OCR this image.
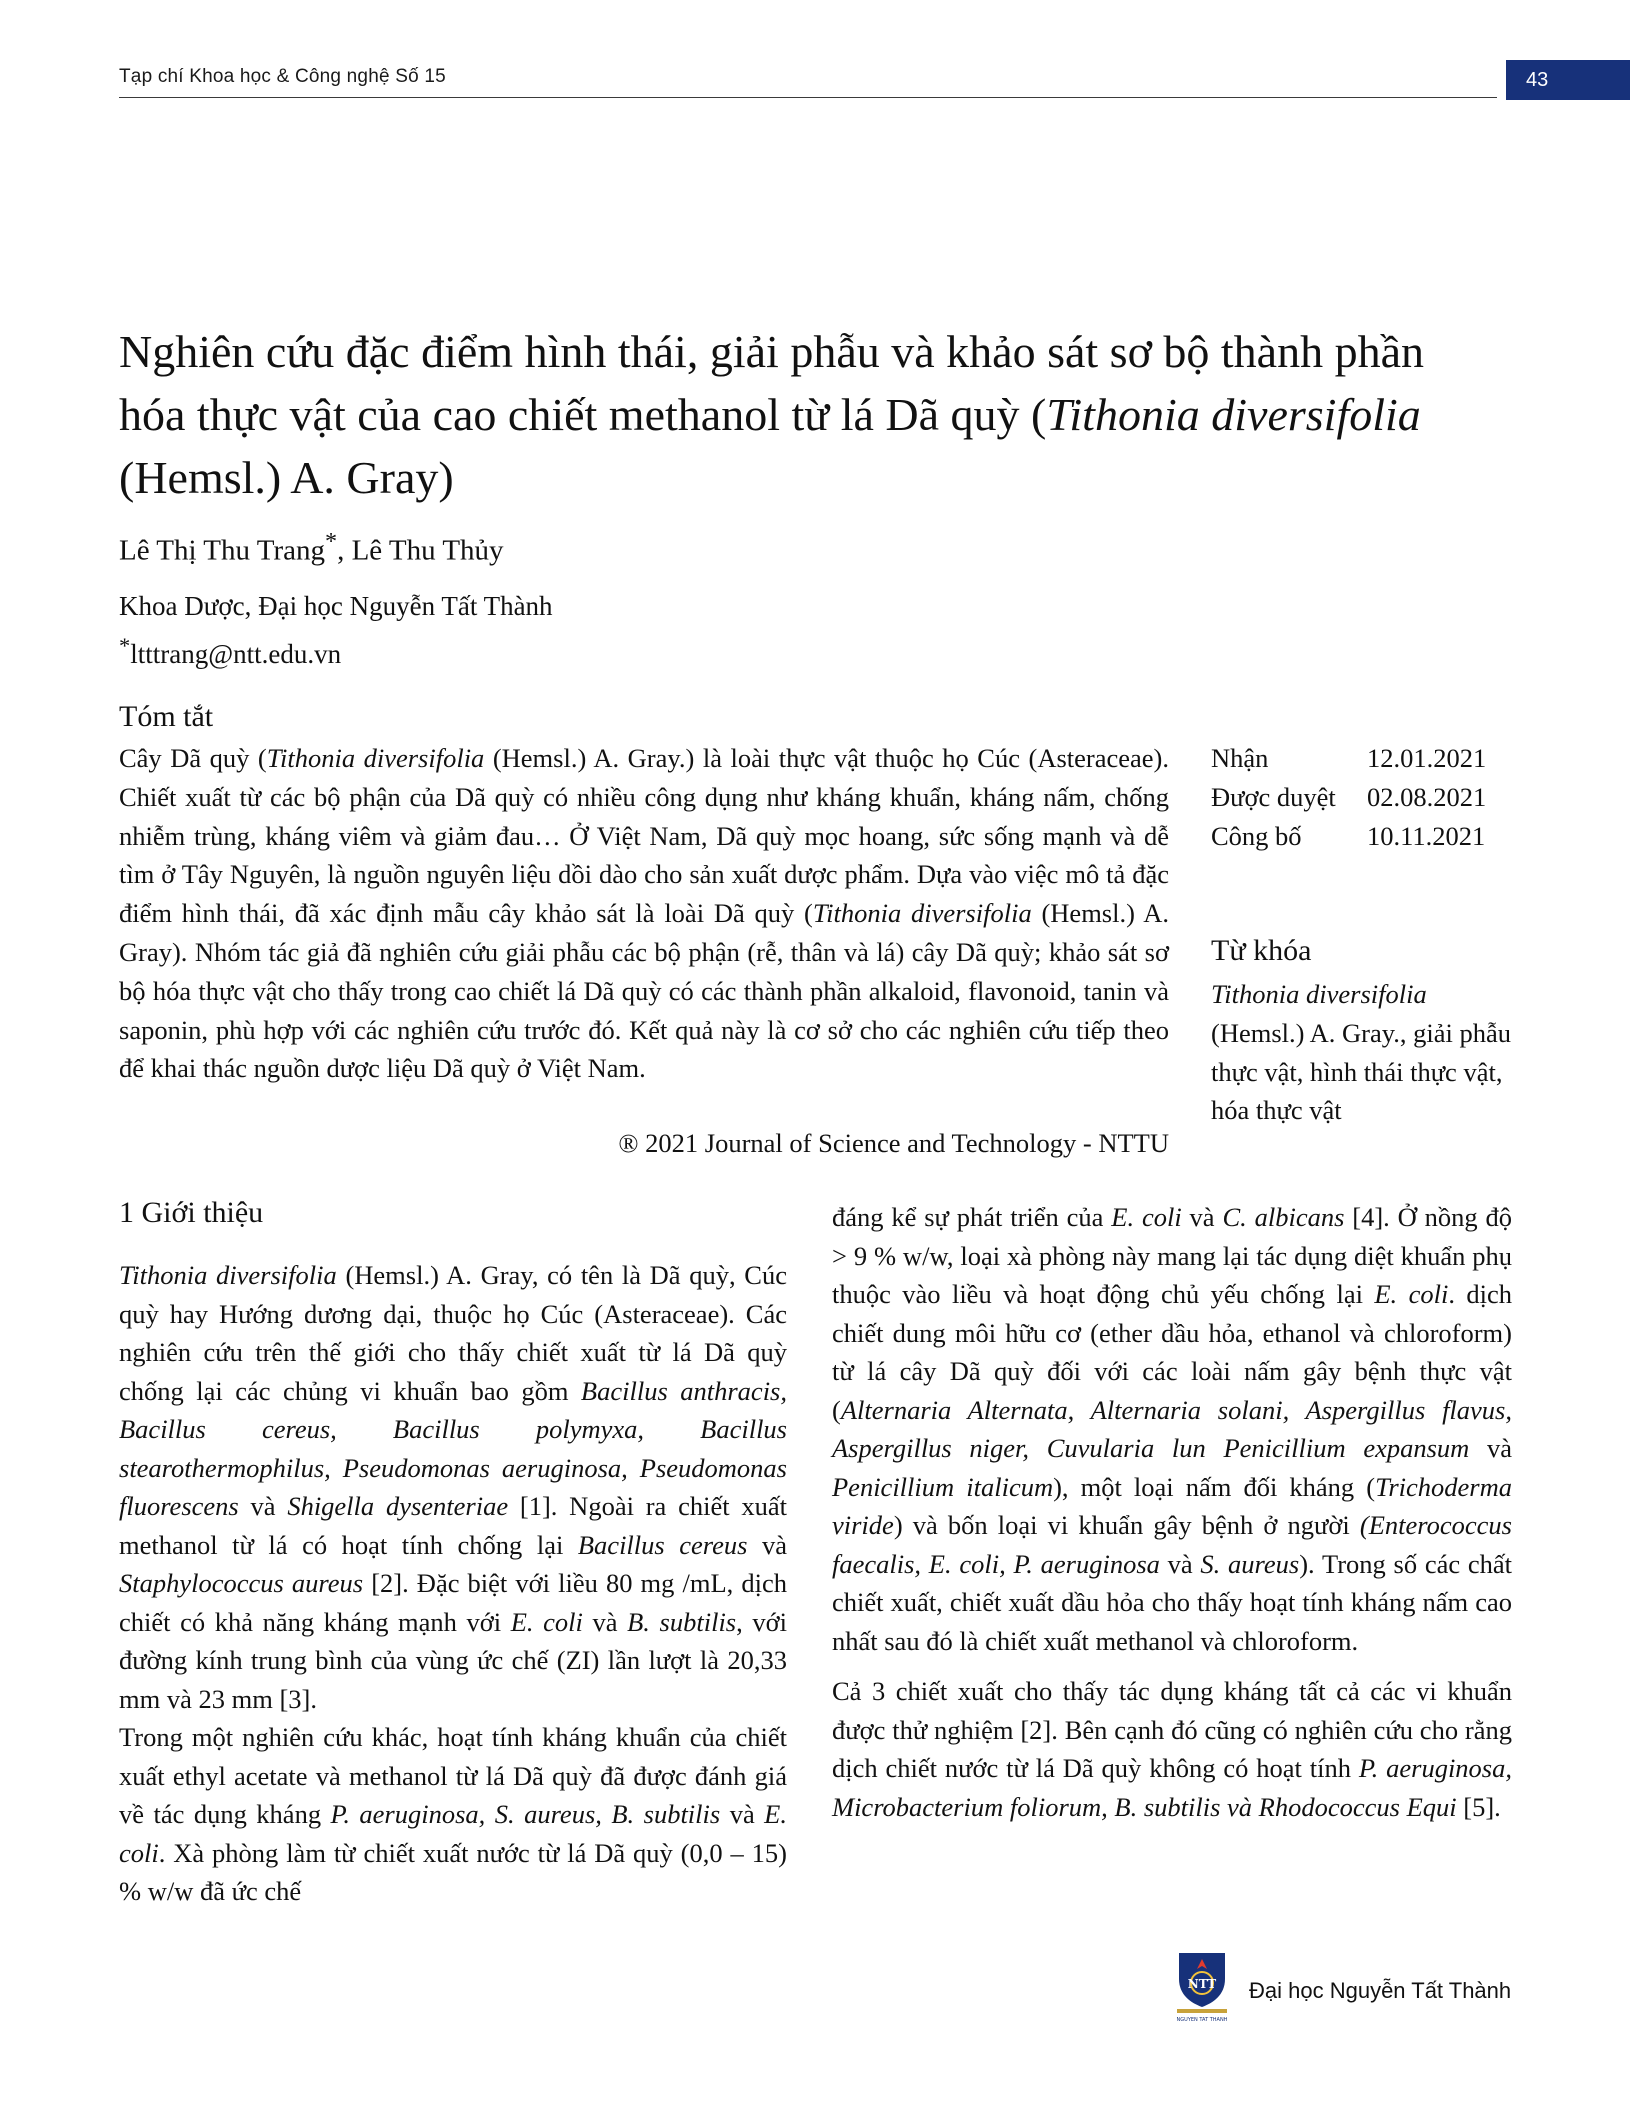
Tạp chí Khoa học & Công nghệ Số 15	43
Nghiên cứu đặc điểm hình thái, giải phẫu và khảo sát sơ bộ thành phần hóa thực vật của cao chiết methanol từ lá Dã quỳ (Tithonia diversifolia (Hemsl.) A. Gray)
Lê Thị Thu Trang*, Lê Thu Thủy
Khoa Dược, Đại học Nguyễn Tất Thành
*ltttrang@ntt.edu.vn
Tóm tắt
Cây Dã quỳ (Tithonia diversifolia (Hemsl.) A. Gray.) là loài thực vật thuộc họ Cúc (Asteraceae). Chiết xuất từ các bộ phận của Dã quỳ có nhiều công dụng như kháng khuẩn, kháng nấm, chống nhiễm trùng, kháng viêm và giảm đau… Ở Việt Nam, Dã quỳ mọc hoang, sức sống mạnh và dễ tìm ở Tây Nguyên, là nguồn nguyên liệu dồi dào cho sản xuất dược phẩm. Dựa vào việc mô tả đặc điểm hình thái, đã xác định mẫu cây khảo sát là loài Dã quỳ (Tithonia diversifolia (Hemsl.) A. Gray). Nhóm tác giả đã nghiên cứu giải phẫu các bộ phận (rễ, thân và lá) cây Dã quỳ; khảo sát sơ bộ hóa thực vật cho thấy trong cao chiết lá Dã quỳ có các thành phần alkaloid, flavonoid, tanin và saponin, phù hợp với các nghiên cứu trước đó. Kết quả này là cơ sở cho các nghiên cứu tiếp theo để khai thác nguồn dược liệu Dã quỳ ở Việt Nam.
® 2021 Journal of Science and Technology - NTTU
Nhận	12.01.2021
Được duyệt	02.08.2021
Công bố	10.11.2021
Từ khóa
Tithonia diversifolia (Hemsl.) A. Gray., giải phẫu thực vật, hình thái thực vật, hóa thực vật
1 Giới thiệu

Tithonia diversifolia (Hemsl.) A. Gray, có tên là Dã quỳ, Cúc quỳ hay Hướng dương dại, thuộc họ Cúc (Asteraceae). Các nghiên cứu trên thế giới cho thấy chiết xuất từ lá Dã quỳ chống lại các chủng vi khuẩn bao gồm Bacillus anthracis, Bacillus cereus, Bacillus polymyxa, Bacillus stearothermophilus, Pseudomonas aeruginosa, Pseudomonas fluorescens và Shigella dysenteriae [1]. Ngoài ra chiết xuất methanol từ lá có hoạt tính chống lại Bacillus cereus và Staphylococcus aureus [2]. Đặc biệt với liều 80 mg /mL, dịch chiết có khả năng kháng mạnh với E. coli và B. subtilis, với đường kính trung bình của vùng ức chế (ZI) lần lượt là 20,33 mm và 23 mm [3].

Trong một nghiên cứu khác, hoạt tính kháng khuẩn của chiết xuất ethyl acetate và methanol từ lá Dã quỳ đã được đánh giá về tác dụng kháng P. aeruginosa, S. aureus, B. subtilis và E. coli. Xà phòng làm từ chiết xuất nước từ lá Dã quỳ (0,0 – 15) % w/w đã ức chế

đáng kể sự phát triển của E. coli và C. albicans [4]. Ở nồng độ > 9 % w/w, loại xà phòng này mang lại tác dụng diệt khuẩn phụ thuộc vào liều và hoạt động chủ yếu chống lại E. coli. dịch chiết dung môi hữu cơ (ether dầu hỏa, ethanol và chloroform) từ lá cây Dã quỳ đối với các loài nấm gây bệnh thực vật (Alternaria Alternata, Alternaria solani, Aspergillus flavus, Aspergillus niger, Cuvularia lun Penicillium expansum và Penicillium italicum), một loại nấm đối kháng (Trichoderma viride) và bốn loại vi khuẩn gây bệnh ở người (Enterococcus faecalis, E. coli, P. aeruginosa và S. aureus). Trong số các chất chiết xuất, chiết xuất dầu hỏa cho thấy hoạt tính kháng nấm cao nhất sau đó là chiết xuất methanol và chloroform.

Cả 3 chiết xuất cho thấy tác dụng kháng tất cả các vi khuẩn được thử nghiệm [2]. Bên cạnh đó cũng có nghiên cứu cho rằng dịch chiết nước từ lá Dã quỳ không có hoạt tính P. aeruginosa, Microbacterium foliorum, B. subtilis và Rhodococcus Equi [5].

NTT
NGUYEN TAT THANH
Đại học Nguyễn Tất Thành
